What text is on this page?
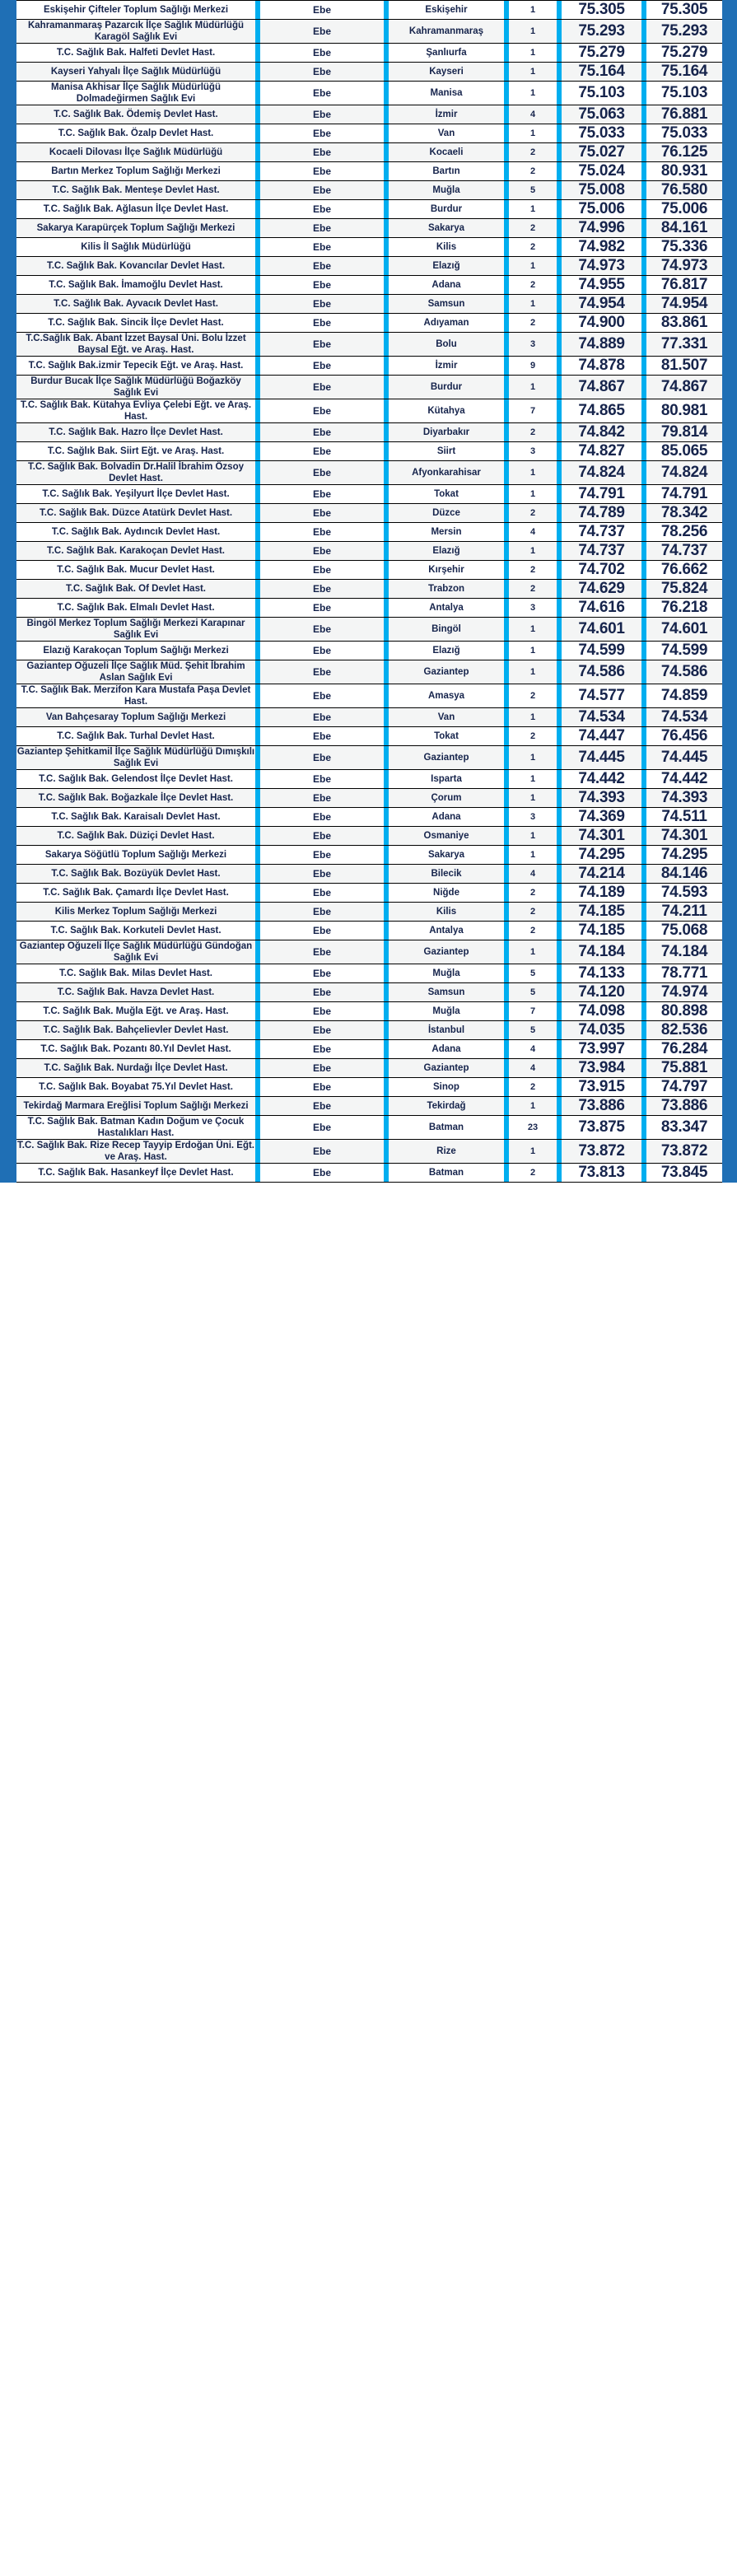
Eskişehir Çifteler Toplum Sağlığı Merkezi		Ebe		Eskişehir		1		75.305		75.305
Kahramanmaraş Pazarcık İlçe Sağlık Müdürlüğü Karagöl Sağlık Evi		Ebe		Kahramanmaraş		1		75.293		75.293
T.C. Sağlık Bak. Halfeti Devlet Hast.		Ebe		Şanlıurfa		1		75.279		75.279
Kayseri Yahyalı İlçe Sağlık Müdürlüğü		Ebe		Kayseri		1		75.164		75.164
Manisa Akhisar İlçe Sağlık Müdürlüğü Dolmadeğirmen Sağlık Evi		Ebe		Manisa		1		75.103		75.103
T.C. Sağlık Bak. Ödemiş Devlet Hast.		Ebe		İzmir		4		75.063		76.881
T.C. Sağlık Bak. Özalp Devlet Hast.		Ebe		Van		1		75.033		75.033
Kocaeli Dilovası İlçe Sağlık Müdürlüğü		Ebe		Kocaeli		2		75.027		76.125
Bartın Merkez Toplum Sağlığı Merkezi		Ebe		Bartın		2		75.024		80.931
T.C. Sağlık Bak. Menteşe Devlet Hast.		Ebe		Muğla		5		75.008		76.580
T.C. Sağlık Bak. Ağlasun İlçe Devlet Hast.		Ebe		Burdur		1		75.006		75.006
Sakarya Karapürçek Toplum Sağlığı Merkezi		Ebe		Sakarya		2		74.996		84.161
Kilis İl Sağlık Müdürlüğü		Ebe		Kilis		2		74.982		75.336
T.C. Sağlık Bak. Kovancılar Devlet Hast.		Ebe		Elazığ		1		74.973		74.973
T.C. Sağlık Bak. İmamoğlu Devlet Hast.		Ebe		Adana		2		74.955		76.817
T.C. Sağlık Bak. Ayvacık Devlet Hast.		Ebe		Samsun		1		74.954		74.954
T.C. Sağlık Bak. Sincik İlçe Devlet Hast.		Ebe		Adıyaman		2		74.900		83.861
T.C.Sağlık Bak. Abant İzzet Baysal Üni. Bolu İzzet Baysal Eğt. ve Araş. Hast.		Ebe		Bolu		3		74.889		77.331
T.C. Sağlık Bak.izmir Tepecik Eğt. ve Araş. Hast.		Ebe		İzmir		9		74.878		81.507
Burdur Bucak İlçe Sağlık Müdürlüğü Boğazköy Sağlık Evi		Ebe		Burdur		1		74.867		74.867
T.C. Sağlık Bak. Kütahya Evliya Çelebi Eğt. ve Araş. Hast.		Ebe		Kütahya		7		74.865		80.981
T.C. Sağlık Bak. Hazro İlçe Devlet Hast.		Ebe		Diyarbakır		2		74.842		79.814
T.C. Sağlık Bak. Siirt Eğt. ve Araş. Hast.		Ebe		Siirt		3		74.827		85.065
T.C. Sağlık Bak. Bolvadin Dr.Halil İbrahim Özsoy Devlet Hast.		Ebe		Afyonkarahisar		1		74.824		74.824
T.C. Sağlık Bak. Yeşilyurt İlçe Devlet Hast.		Ebe		Tokat		1		74.791		74.791
T.C. Sağlık Bak. Düzce Atatürk Devlet Hast.		Ebe		Düzce		2		74.789		78.342
T.C. Sağlık Bak. Aydıncık Devlet Hast.		Ebe		Mersin		4		74.737		78.256
T.C. Sağlık Bak. Karakoçan Devlet Hast.		Ebe		Elazığ		1		74.737		74.737
T.C. Sağlık Bak. Mucur Devlet Hast.		Ebe		Kırşehir		2		74.702		76.662
T.C. Sağlık Bak. Of Devlet Hast.		Ebe		Trabzon		2		74.629		75.824
T.C. Sağlık Bak. Elmalı Devlet Hast.		Ebe		Antalya		3		74.616		76.218
Bingöl Merkez Toplum Sağlığı Merkezi Karapınar Sağlık Evi		Ebe		Bingöl		1		74.601		74.601
Elazığ Karakoçan Toplum Sağlığı Merkezi		Ebe		Elazığ		1		74.599		74.599
Gaziantep Oğuzeli İlçe Sağlık Müd. Şehit İbrahim Aslan Sağlık Evi		Ebe		Gaziantep		1		74.586		74.586
T.C. Sağlık Bak. Merzifon Kara Mustafa Paşa Devlet Hast.		Ebe		Amasya		2		74.577		74.859
Van Bahçesaray Toplum Sağlığı Merkezi		Ebe		Van		1		74.534		74.534
T.C. Sağlık Bak. Turhal Devlet Hast.		Ebe		Tokat		2		74.447		76.456
Gaziantep Şehitkamil İlçe Sağlık Müdürlüğü Dımışkılı Sağlık Evi		Ebe		Gaziantep		1		74.445		74.445
T.C. Sağlık Bak. Gelendost İlçe Devlet Hast.		Ebe		Isparta		1		74.442		74.442
T.C. Sağlık Bak. Boğazkale İlçe Devlet Hast.		Ebe		Çorum		1		74.393		74.393
T.C. Sağlık Bak. Karaisalı Devlet Hast.		Ebe		Adana		3		74.369		74.511
T.C. Sağlık Bak. Düziçi Devlet Hast.		Ebe		Osmaniye		1		74.301		74.301
Sakarya Söğütlü Toplum Sağlığı Merkezi		Ebe		Sakarya		1		74.295		74.295
T.C. Sağlık Bak. Bozüyük Devlet Hast.		Ebe		Bilecik		4		74.214		84.146
T.C. Sağlık Bak. Çamardı İlçe Devlet Hast.		Ebe		Niğde		2		74.189		74.593
Kilis Merkez Toplum Sağlığı Merkezi		Ebe		Kilis		2		74.185		74.211
T.C. Sağlık Bak. Korkuteli Devlet Hast.		Ebe		Antalya		2		74.185		75.068
Gaziantep Oğuzeli İlçe Sağlık Müdürlüğü Gündoğan Sağlık Evi		Ebe		Gaziantep		1		74.184		74.184
T.C. Sağlık Bak. Milas Devlet Hast.		Ebe		Muğla		5		74.133		78.771
T.C. Sağlık Bak. Havza Devlet Hast.		Ebe		Samsun		5		74.120		74.974
T.C. Sağlık Bak. Muğla Eğt. ve Araş. Hast.		Ebe		Muğla		7		74.098		80.898
T.C. Sağlık Bak. Bahçelievler Devlet Hast.		Ebe		İstanbul		5		74.035		82.536
T.C. Sağlık Bak. Pozantı 80.Yıl Devlet Hast.		Ebe		Adana		4		73.997		76.284
T.C. Sağlık Bak. Nurdağı İlçe Devlet Hast.		Ebe		Gaziantep		4		73.984		75.881
T.C. Sağlık Bak. Boyabat 75.Yıl Devlet Hast.		Ebe		Sinop		2		73.915		74.797
Tekirdağ Marmara Ereğlisi Toplum Sağlığı Merkezi		Ebe		Tekirdağ		1		73.886		73.886
T.C. Sağlık Bak. Batman Kadın Doğum ve Çocuk Hastalıkları Hast.		Ebe		Batman		23		73.875		83.347
T.C. Sağlık Bak. Rize Recep Tayyip Erdoğan Üni. Eğt. ve Araş. Hast.		Ebe		Rize		1		73.872		73.872
T.C. Sağlık Bak. Hasankeyf İlçe Devlet Hast.		Ebe		Batman		2		73.813		73.845
